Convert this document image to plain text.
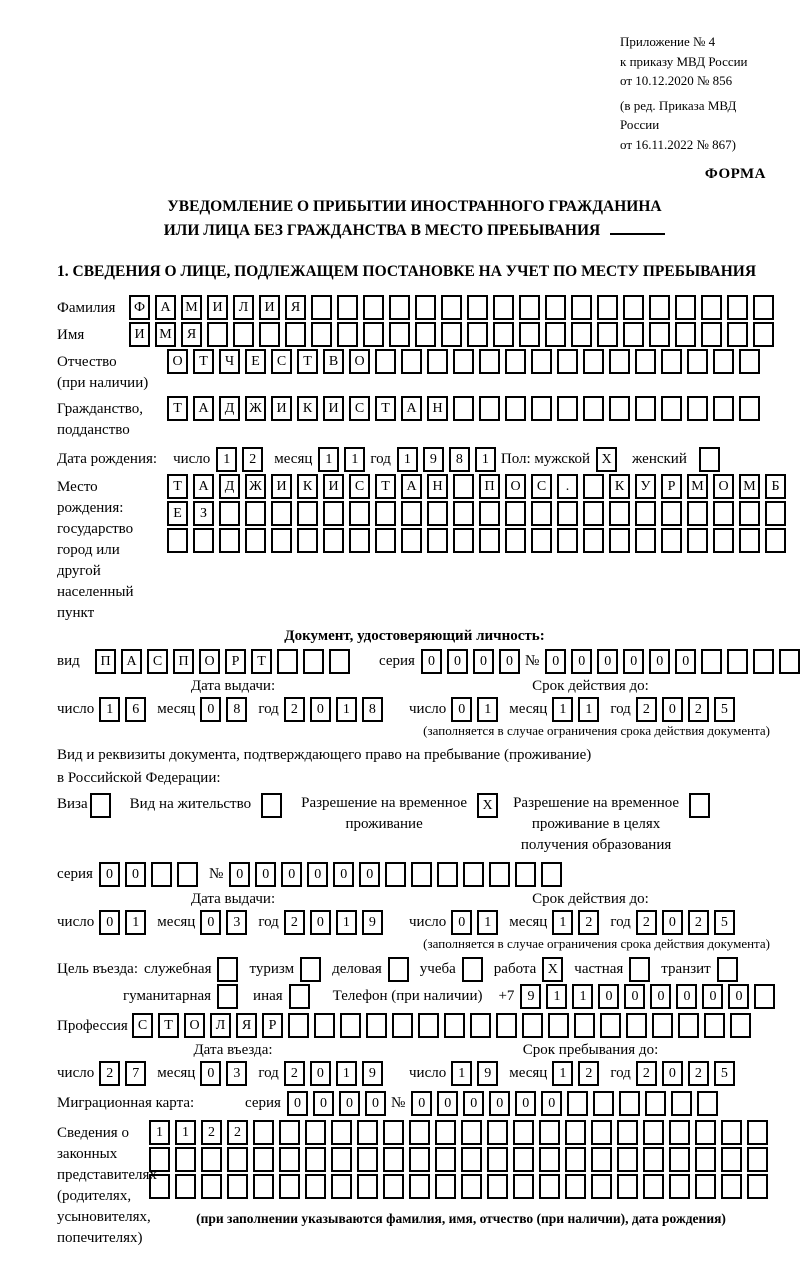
Приложение № 4
к приказу МВД России
от 10.12.2020 № 856
(в ред. Приказа МВД России
от 16.11.2022 № 867)
ФОРМА
УВЕДОМЛЕНИЕ О ПРИБЫТИИ ИНОСТРАННОГО ГРАЖДАНИНА
ИЛИ ЛИЦА БЕЗ ГРАЖДАНСТВА В МЕСТО ПРЕБЫВАНИЯ
1. СВЕДЕНИЯ О ЛИЦЕ, ПОДЛЕЖАЩЕМ ПОСТАНОВКЕ НА УЧЕТ ПО МЕСТУ ПРЕБЫВАНИЯ
Фамилия	Ф	А	М	И	Л	И	Я
Имя	И	М	Я
Отчество
(при наличии)
О	Т	Ч	Е	С	Т	В	О
Гражданство,
подданство
Т	А	Д	Ж	И	К	И	С	Т	А	Н
Дата рождения:	число 1	2	месяц 1	1 год 1	9	8	1 Пол: мужской X	женский
Место рождения:
государство
город или другой
населенный пункт
Т	А	Д	Ж	И	К	И	С	Т	А	Н	П	О	С	.	К	У	Р	М	О	М	Б
Е	З
Документ, удостоверяющий личность:
вид	П	А	С	П	О	Р	Т	серия 0	0	0	0 № 0	0	0	0	0	0
Дата выдачи:
число 1	6	месяц 0	8	год 2	0	1	8
Срок действия до:
число 0	1	месяц 1	1	год 2	0	2	5
(заполняется в случае ограничения срока действия документа)
Вид и реквизиты документа, подтверждающего право на пребывание (проживание)
в Российской Федерации:
Виза	Вид на жительство	Разрешение на временное
проживание
X	Разрешение на временное
проживание в целях
получения образования
серия 0	0	№ 0	0	0	0	0	0
Дата выдачи:
число 0	1	месяц 0	3	год 2	0	1	9
Срок действия до:
число 0	1	месяц 1	2	год 2	0	2	5
(заполняется в случае ограничения срока действия документа)
Цель въезда: служебная	туризм	деловая	учеба	работа X	частная	транзит
гуманитарная	иная	Телефон (при наличии)	+7 9	1	1	0	0	0	0	0	0
Профессия С	Т	О	Л	Я	Р
Дата въезда:
число 2	7	месяц 0	3	год 2	0	1	9
Срок пребывания до:
число 1	9	месяц 1	2	год 2	0	2	5
Миграционная карта:	серия 0	0	0	0 № 0	0	0	0	0	0
Сведения о
законных
представителях
(родителях,
усыновителях,
попечителях)
1	1	2	2
(при заполнении указываются фамилия, имя, отчество (при наличии), дата рождения)
